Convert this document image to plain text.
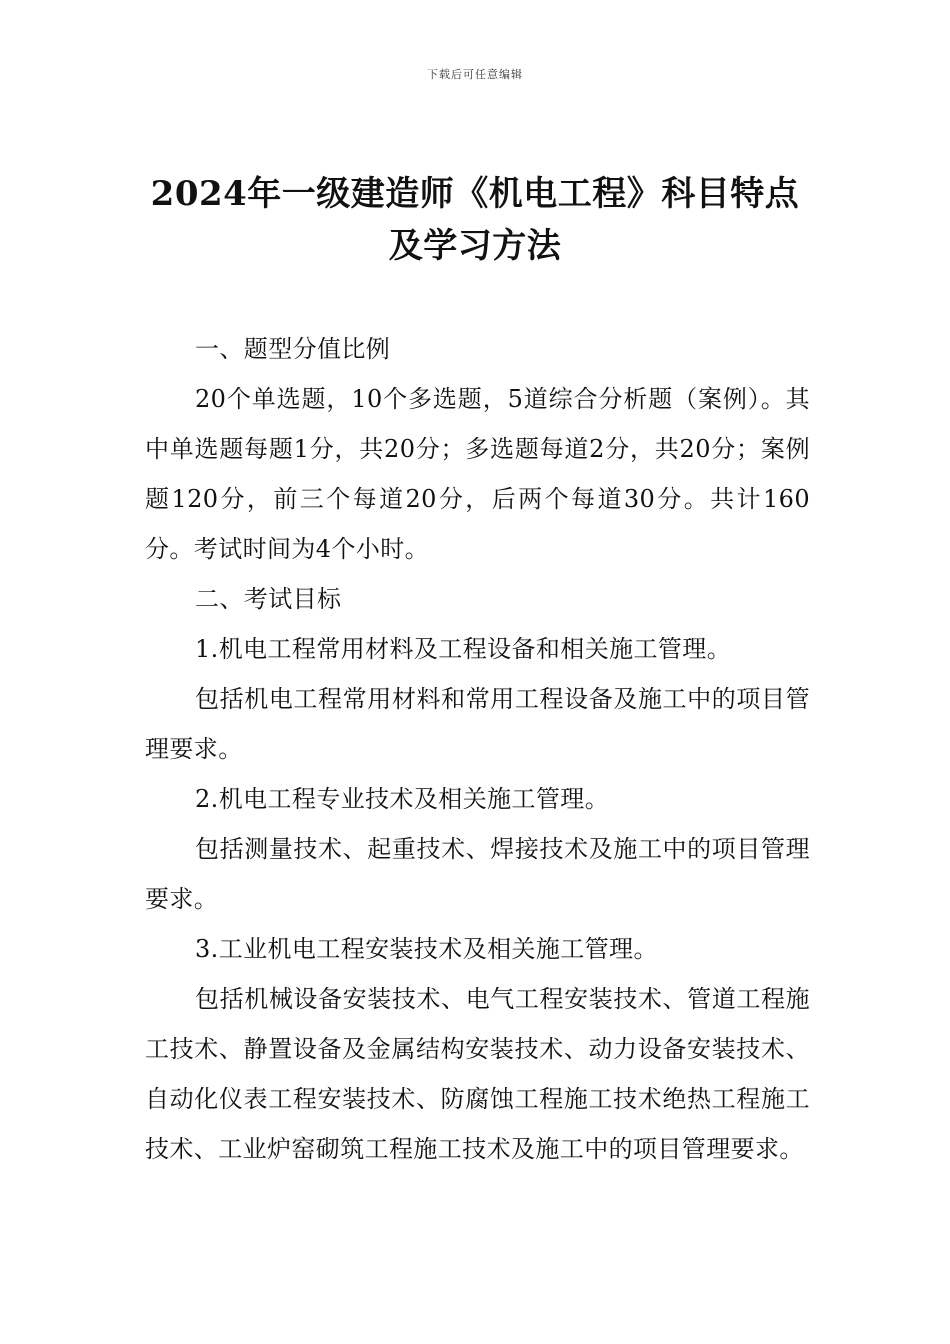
下载后可任意编辑
2024年一级建造师《机电工程》科目特点
及学习方法

一、题型分值比例

20个单选题，10个多选题，5道综合分析题（案例）。其中单选题每题1分，共20分；多选题每道2分，共20分；案例题120分，前三个每道20分，后两个每道30分。共计160分。考试时间为4个小时。

二、考试目标

1.机电工程常用材料及工程设备和相关施工管理。

包括机电工程常用材料和常用工程设备及施工中的项目管理要求。

2.机电工程专业技术及相关施工管理。

包括测量技术、起重技术、焊接技术及施工中的项目管理要求。

3.工业机电工程安装技术及相关施工管理。

包括机械设备安装技术、电气工程安装技术、管道工程施工技术、静置设备及金属结构安装技术、动力设备安装技术、自动化仪表工程安装技术、防腐蚀工程施工技术绝热工程施工技术、工业炉窑砌筑工程施工技术及施工中的项目管理要求。
